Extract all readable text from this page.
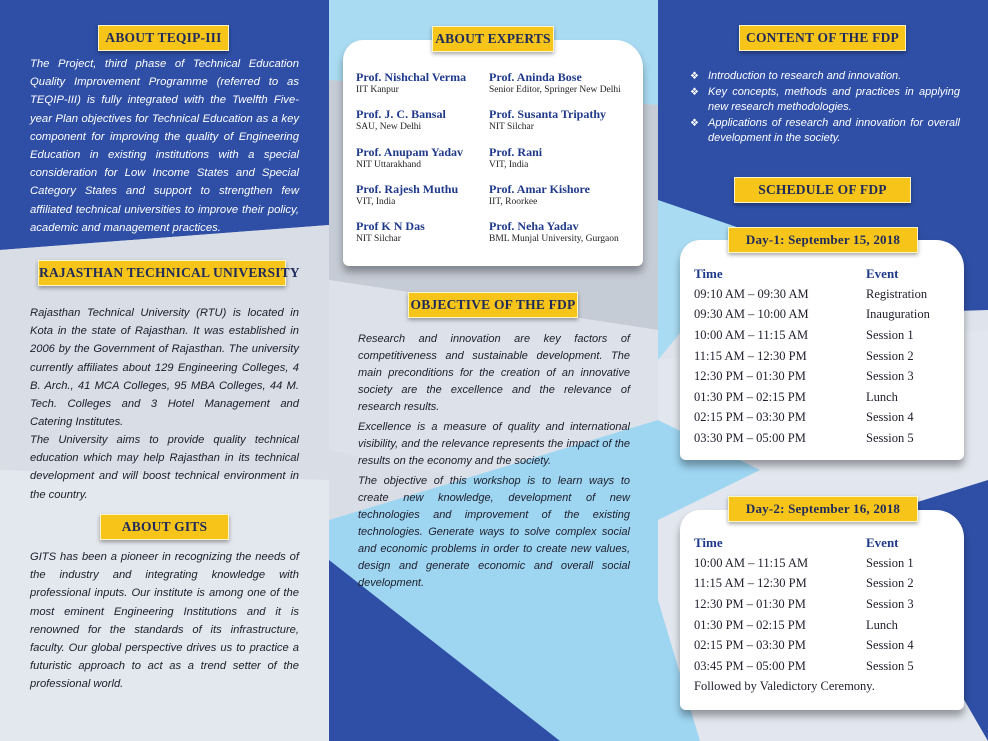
ABOUT TEQIP-III

The Project, third phase of Technical Education Quality Improvement Programme (referred to as TEQIP-III) is fully integrated with the Twelfth Five-year Plan objectives for Technical Education as a key component for improving the quality of Engineering Education in existing institutions with a special consideration for Low Income States and Special Category States and support to strengthen few affiliated technical universities to improve their policy, academic and management practices.

RAJASTHAN TECHNICAL UNIVERSITY

Rajasthan Technical University (RTU) is located in Kota in the state of Rajasthan. It was established in 2006 by the Government of Rajasthan. The university currently affiliates about 129 Engineering Colleges, 4 B. Arch., 41 MCA Colleges, 95 MBA Colleges, 44 M. Tech. Colleges and 3 Hotel Management and Catering Institutes.

The University aims to provide quality technical education which may help Rajasthan in its technical development and will boost technical environment in the country.

ABOUT GITS

GITS has been a pioneer in recognizing the needs of the industry and integrating knowledge with professional inputs. Our institute is among one of the most eminent Engineering Institutions and it is renowned for the standards of its infrastructure, faculty. Our global perspective drives us to practice a futuristic approach to act as a trend setter of the professional world.

ABOUT EXPERTS
Prof. Nishchal Verma
IIT Kanpur
Prof. J. C. Bansal
SAU, New Delhi
Prof. Anupam Yadav
NIT Uttarakhand
Prof. Rajesh Muthu
VIT, India
Prof K N Das
NIT Silchar
Prof. Aninda Bose
Senior Editor, Springer New Delhi
Prof. Susanta Tripathy
NIT Silchar
Prof. Rani
VIT, India
Prof. Amar Kishore
IIT, Roorkee
Prof. Neha Yadav
BML Munjal University, Gurgaon
OBJECTIVE OF THE FDP

Research and innovation are key factors of competitiveness and sustainable development. The main preconditions for the creation of an innovative society are the excellence and the relevance of research results.

Excellence is a measure of quality and international visibility, and the relevance represents the impact of the results on the economy and the society.

The objective of this workshop is to learn ways to create new knowledge, development of new technologies and improvement of the existing technologies. Generate ways to solve complex social and economic problems in order to create new values, design and generate economic and overall social development.

CONTENT OF THE FDP
❖ Introduction to research and innovation.
❖ Key concepts, methods and practices in applying new research methodologies.
❖ Applications of research and innovation for overall development in the society.
SCHEDULE OF FDP
Day-1: September 15, 2018
Time	Event
09:10 AM – 09:30 AM	Registration
09:30 AM – 10:00 AM	Inauguration
10:00 AM – 11:15 AM	Session 1
11:15 AM – 12:30 PM	Session 2
12:30 PM – 01:30 PM	Session 3
01:30 PM – 02:15 PM	Lunch
02:15 PM – 03:30 PM	Session 4
03:30 PM – 05:00 PM	Session 5
Day-2: September 16, 2018
Time	Event
10:00 AM – 11:15 AM	Session 1
11:15 AM – 12:30 PM	Session 2
12:30 PM – 01:30 PM	Session 3
01:30 PM – 02:15 PM	Lunch
02:15 PM – 03:30 PM	Session 4
03:45 PM – 05:00 PM	Session 5
Followed by Valedictory Ceremony.
